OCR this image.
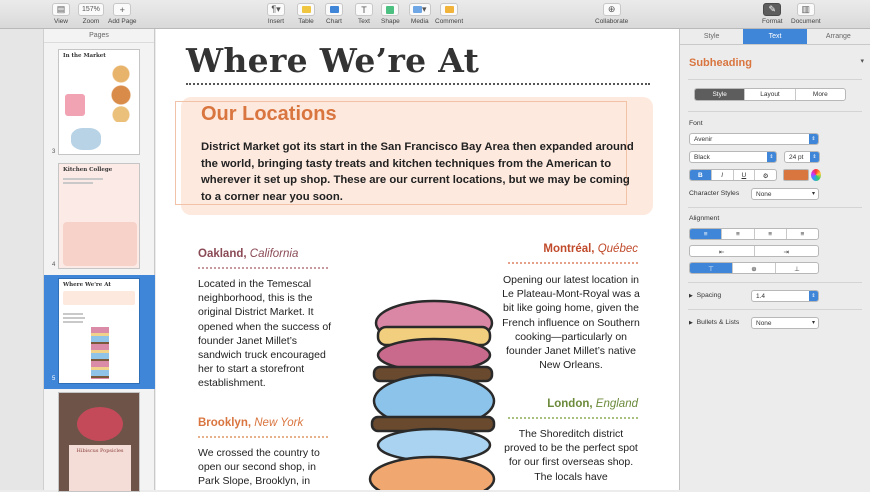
▤
View
157%
Zoom
+
Add Page
¶▾
Insert Table Chart
T
Text Shape
▾
Media Comment
⊕
Collaborate
✎
Format
▥
Document
Pages
3
In the Market
4
Kitchen College
5
Where We're At
Hibiscus Popsicles
Where We’re At
Our Locations
District Market got its start in the San Francisco Bay Area then expanded around the world, bringing tasty treats and kitchen techniques from the American to wherever it set up shop. These are our current locations, but we may be coming to a corner near you soon.
Oakland, California
Located in the Temescal neighborhood, this is the original District Market. It opened when the success of founder Janet Millet’s sandwich truck encouraged her to start a storefront establishment.
Brooklyn, New York
We crossed the country to open our second shop, in Park Slope, Brooklyn, in
Montréal, Québec
Opening our latest location in Le Plateau-Mont-Royal was a bit like going home, given the French influence on Southern cooking—particularly on founder Janet Millet’s native New Orleans.
London, England
The Shoreditch district proved to be the perfect spot for our first overseas shop. The locals have
Style	Text	Arrange
Subheading	▾
Style	Layout	More
Font
Avenir	⇕
Black	⇕	24 pt	⇕
B	I	U	⚙︎
Character Styles	None	▾
Alignment
≡	≡	≡	≡
⇤	⇥
⊤	⊕	⊥
▶ Spacing	1.4	⇕
▶ Bullets & Lists	None	▾
